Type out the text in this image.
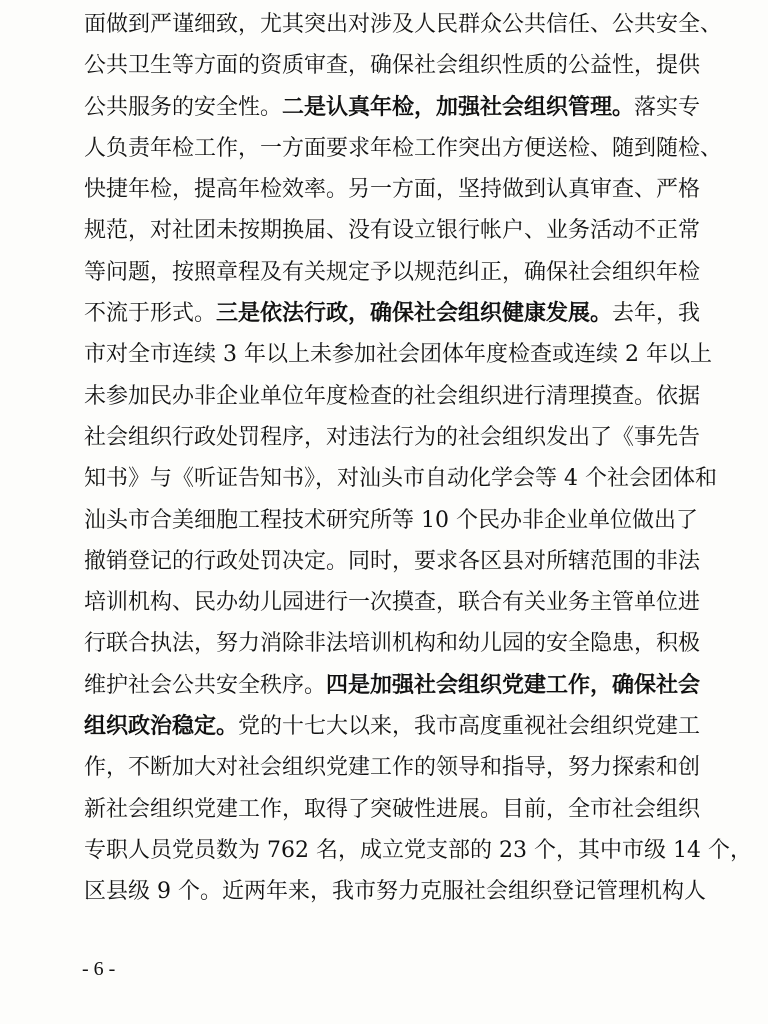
面做到严谨细致，尤其突出对涉及人民群众公共信任、公共安全、
公共卫生等方面的资质审查，确保社会组织性质的公益性，提供
公共服务的安全性。二是认真年检，加强社会组织管理。落实专
人负责年检工作，一方面要求年检工作突出方便送检、随到随检、
快捷年检，提高年检效率。另一方面，坚持做到认真审查、严格
规范，对社团未按期换届、没有设立银行帐户、业务活动不正常
等问题，按照章程及有关规定予以规范纠正，确保社会组织年检
不流于形式。三是依法行政，确保社会组织健康发展。去年，我
市对全市连续 3 年以上未参加社会团体年度检查或连续 2 年以上
未参加民办非企业单位年度检查的社会组织进行清理摸查。依据
社会组织行政处罚程序，对违法行为的社会组织发出了《事先告
知书》与《听证告知书》，对汕头市自动化学会等 4 个社会团体和
汕头市合美细胞工程技术研究所等 10 个民办非企业单位做出了
撤销登记的行政处罚决定。同时，要求各区县对所辖范围的非法
培训机构、民办幼儿园进行一次摸查，联合有关业务主管单位进
行联合执法，努力消除非法培训机构和幼儿园的安全隐患，积极
维护社会公共安全秩序。四是加强社会组织党建工作，确保社会
组织政治稳定。党的十七大以来，我市高度重视社会组织党建工
作，不断加大对社会组织党建工作的领导和指导，努力探索和创
新社会组织党建工作，取得了突破性进展。目前，全市社会组织
专职人员党员数为 762 名，成立党支部的 23 个，其中市级 14 个，
区县级 9 个。近两年来，我市努力克服社会组织登记管理机构人
- 6 -
